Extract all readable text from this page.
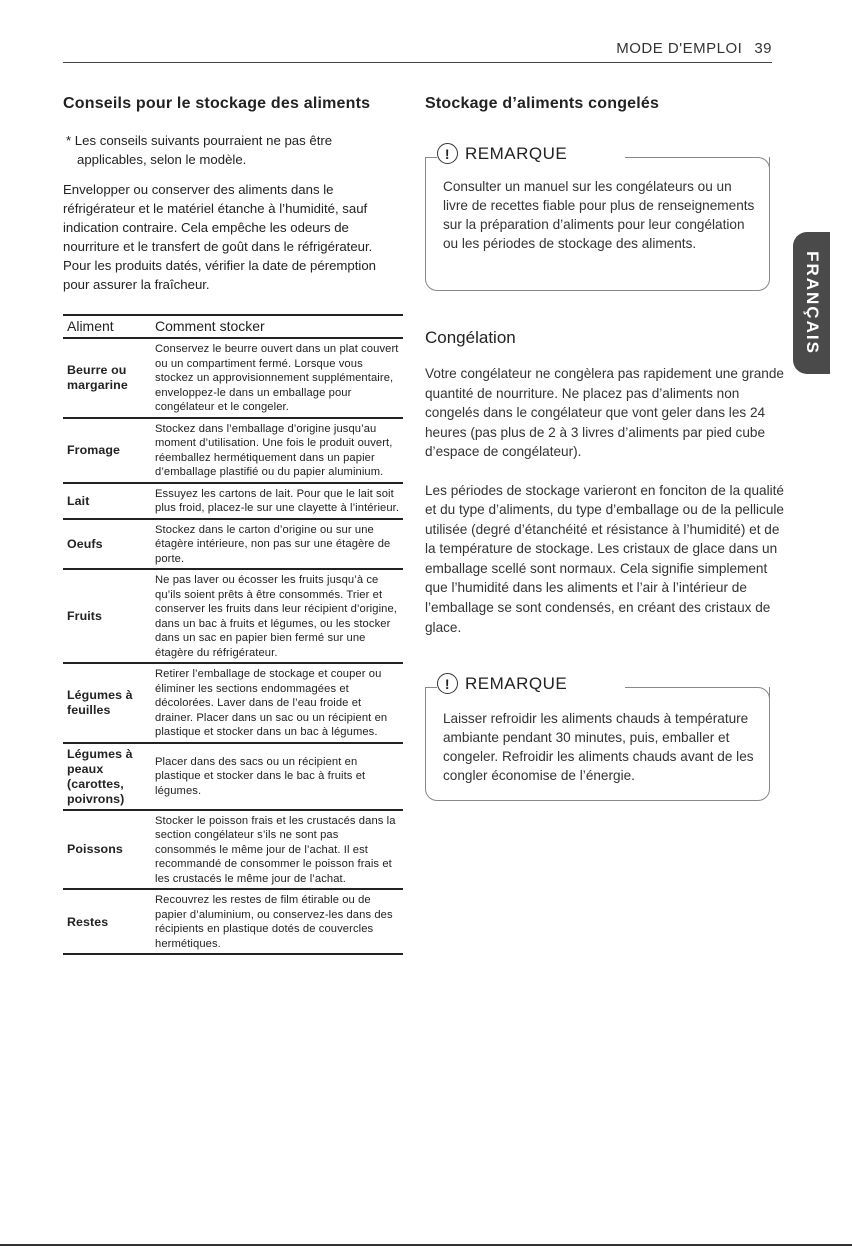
MODE D'EMPLOI 39
Conseils pour le stockage des aliments

* Les conseils suivants pourraient ne pas être applicables, selon le modèle.

Envelopper ou conserver des aliments dans le réfrigérateur et le matériel étanche à l’humidité, sauf indication contraire. Cela empêche les odeurs de nourriture et le transfert de goût dans le réfrigérateur. Pour les produits datés, vérifier la date de péremption pour assurer la fraîcheur.

Aliment	Comment stocker
Beurre ou margarine	Conservez le beurre ouvert dans un plat couvert ou un compartiment fermé. Lorsque vous stockez un approvisionnement supplémentaire, enveloppez-le dans un emballage pour congélateur et le congeler.
Fromage	Stockez dans l’emballage d’origine jusqu’au moment d’utilisation. Une fois le produit ouvert, réemballez hermétiquement dans un papier d’emballage plastifié ou du papier aluminium.
Lait	Essuyez les cartons de lait. Pour que le lait soit plus froid, placez-le sur une clayette à l’intérieur.
Oeufs	Stockez dans le carton d’origine ou sur une étagère intérieure, non pas sur une étagère de porte.
Fruits	Ne pas laver ou écosser les fruits jusqu’à ce qu’ils soient prêts à être consommés. Trier et conserver les fruits dans leur récipient d’origine, dans un bac à fruits et légumes, ou les stocker dans un sac en papier bien fermé sur une étagère du réfrigérateur.
Légumes à feuilles	Retirer l’emballage de stockage et couper ou éliminer les sections endommagées et décolorées. Laver dans de l’eau froide et drainer. Placer dans un sac ou un récipient en plastique et stocker dans un bac à légumes.
Légumes à peaux (carottes, poivrons)	Placer dans des sacs ou un récipient en plastique et stocker dans le bac à fruits et légumes.
Poissons	Stocker le poisson frais et les crustacés dans la section congélateur s’ils ne sont pas consommés le même jour de l’achat. Il est recommandé de consommer le poisson frais et les crustacés le même jour de l’achat.
Restes	Recouvrez les restes de film étirable ou de papier d’aluminium, ou conservez-les dans des récipients en plastique dotés de couvercles hermétiques.
Stockage d’aliments congelés
! REMARQUE

Consulter un manuel sur les congélateurs ou un livre de recettes fiable pour plus de renseignements sur la préparation d’aliments pour leur congélation ou les périodes de stockage des aliments.

Congélation

Votre congélateur ne congèlera pas rapidement une grande quantité de nourriture. Ne placez pas d’aliments non congelés dans le congélateur que vont geler dans les 24 heures (pas plus de 2 à 3 livres d’aliments par pied cube d’espace de congélateur).

Les périodes de stockage varieront en fonciton de la qualité et du type d’aliments, du type d’emballage ou de la pellicule utilisée (degré d’étanchéité et résistance à l’humidité) et de la température de stockage. Les cristaux de glace dans un emballage scellé sont normaux. Cela signifie simplement que l’humidité dans les aliments et l’air à l’intérieur de l’emballage se sont condensés, en créant des cristaux de glace.

! REMARQUE

Laisser refroidir les aliments chauds à température ambiante pendant 30 minutes, puis, emballer et congeler. Refroidir les aliments chauds avant de les congler économise de l’énergie.

FRANÇAIS
